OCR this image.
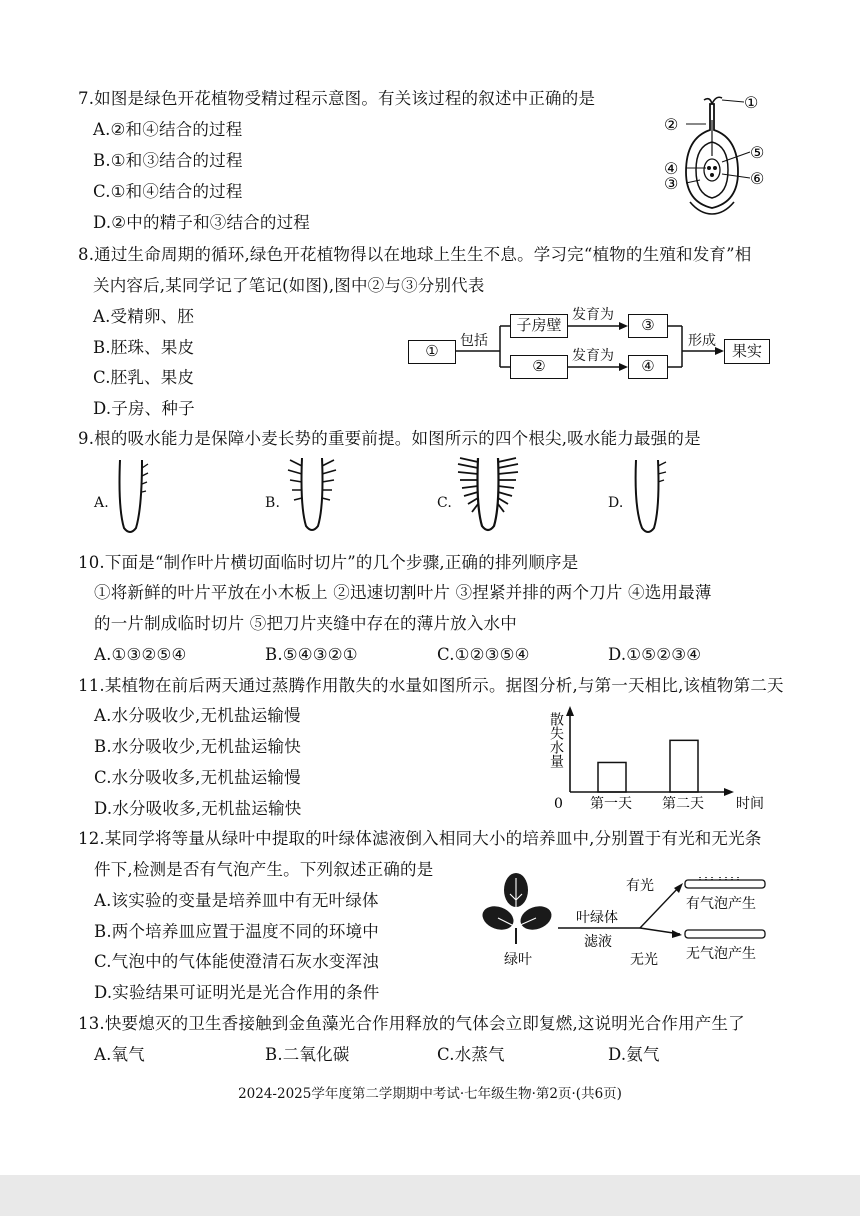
7.如图是绿色开花植物受精过程示意图。有关该过程的叙述中正确的是
A.②和④结合的过程
B.①和③结合的过程
C.①和④结合的过程
D.②中的精子和③结合的过程
①
②
④
③
⑤
⑥
8.通过生命周期的循环,绿色开花植物得以在地球上生生不息。学习完“植物的生殖和发育”相
关内容后,某同学记了笔记(如图),图中②与③分别代表
A.受精卵、胚
B.胚珠、果皮
C.胚乳、果皮
D.子房、种子
①
包括
子房壁
②
发育为
发育为
③
④
形成
果实
9.根的吸水能力是保障小麦长势的重要前提。如图所示的四个根尖,吸水能力最强的是
A.	B.	C.	D.
10.下面是“制作叶片横切面临时切片”的几个步骤,正确的排列顺序是
①将新鲜的叶片平放在小木板上 ②迅速切割叶片 ③捏紧并排的两个刀片 ④选用最薄
的一片制成临时切片 ⑤把刀片夹缝中存在的薄片放入水中
A.①③②⑤④	B.⑤④③②①	C.①②③⑤④	D.①⑤②③④
11.某植物在前后两天通过蒸腾作用散失的水量如图所示。据图分析,与第一天相比,该植物第二天
A.水分吸收少,无机盐运输慢
B.水分吸收少,无机盐运输快
C.水分吸收多,无机盐运输慢
D.水分吸收多,无机盐运输快	0 第一天 第二天 时间
散失水量
12.某同学将等量从绿叶中提取的叶绿体滤液倒入相同大小的培养皿中,分别置于有光和无光条
件下,检测是否有气泡产生。下列叙述正确的是
A.该实验的变量是培养皿中有无叶绿体
B.两个培养皿应置于温度不同的环境中
C.气泡中的气体能使澄清石灰水变浑浊
D.实验结果可证明光是光合作用的条件
绿叶
叶绿体
滤液
有光
无光
有气泡产生
无气泡产生
13.快要熄灭的卫生香接触到金鱼藻光合作用释放的气体会立即复燃,这说明光合作用产生了
A.氧气	B.二氧化碳	C.水蒸气	D.氨气
2024-2025学年度第二学期期中考试·七年级生物·第2页·(共6页)
